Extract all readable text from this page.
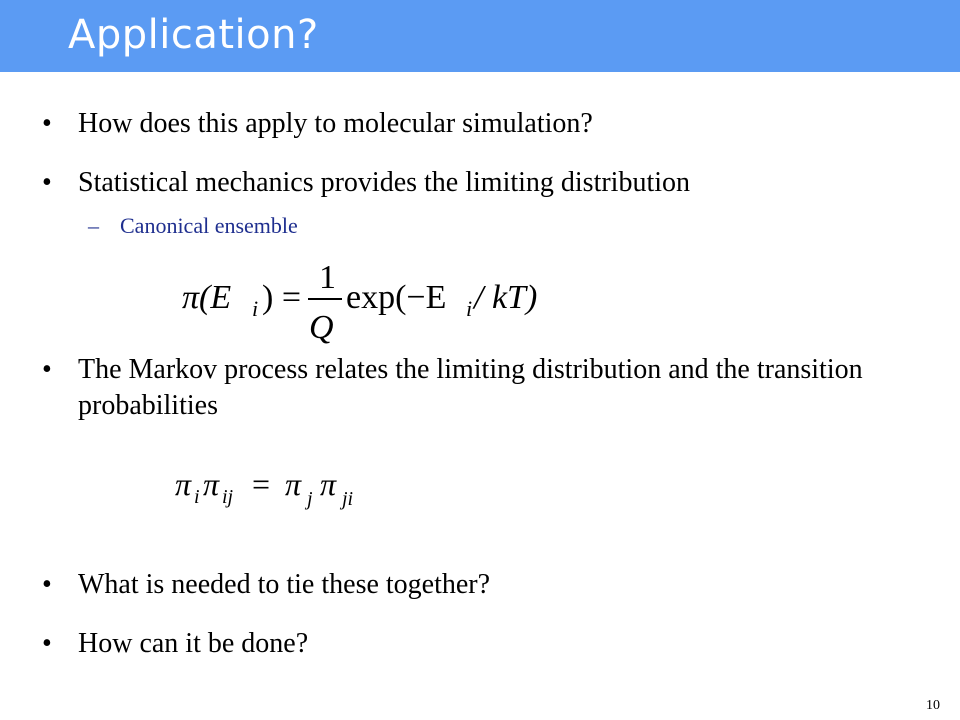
Application?
• How does this apply to molecular simulation?
• Statistical mechanics provides the limiting distribution
– Canonical ensemble
π(E i ) =
1
Q
exp(−E i / kT)
• The Markov process relates the limiting distribution and the transition probabilities
π i π ij = π j π ji
• What is needed to tie these together?
• How can it be done?
10
